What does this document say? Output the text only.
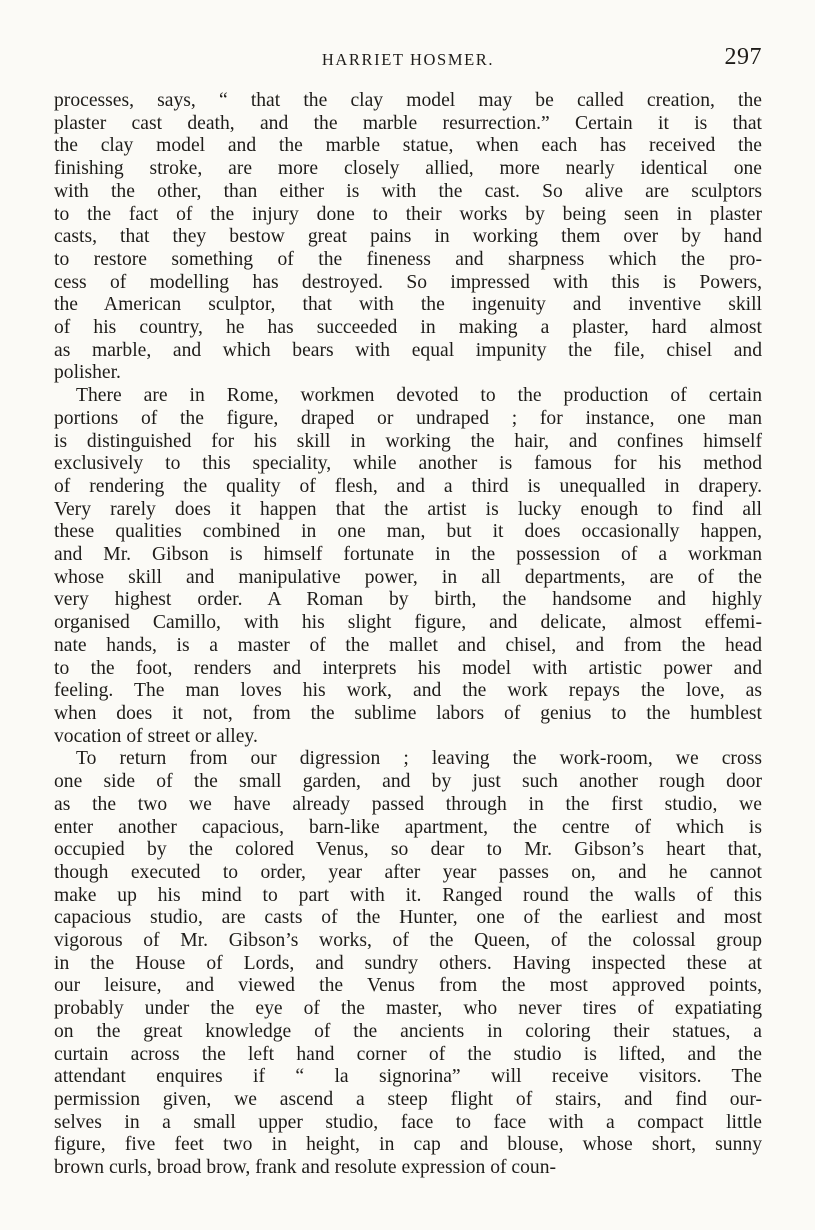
HARRIET HOSMER.	297

processes, says, “ that the clay model may be called creation, the
plaster cast death, and the marble resurrection.” Certain it is that
the clay model and the marble statue, when each has received the
finishing stroke, are more closely allied, more nearly identical one
with the other, than either is with the cast. So alive are sculptors
to the fact of the injury done to their works by being seen in plaster
casts, that they bestow great pains in working them over by hand
to restore something of the fineness and sharpness which the pro-
cess of modelling has destroyed. So impressed with this is Powers,
the American sculptor, that with the ingenuity and inventive skill
of his country, he has succeeded in making a plaster, hard almost
as marble, and which bears with equal impunity the file, chisel and
polisher.

There are in Rome, workmen devoted to the production of certain
portions of the figure, draped or undraped ; for instance, one man
is distinguished for his skill in working the hair, and confines himself
exclusively to this speciality, while another is famous for his method
of rendering the quality of flesh, and a third is unequalled in drapery.
Very rarely does it happen that the artist is lucky enough to find all
these qualities combined in one man, but it does occasionally happen,
and Mr. Gibson is himself fortunate in the possession of a workman
whose skill and manipulative power, in all departments, are of the
very highest order. A Roman by birth, the handsome and highly
organised Camillo, with his slight figure, and delicate, almost effemi-
nate hands, is a master of the mallet and chisel, and from the head
to the foot, renders and interprets his model with artistic power and
feeling. The man loves his work, and the work repays the love, as
when does it not, from the sublime labors of genius to the humblest
vocation of street or alley.

To return from our digression ; leaving the work-room, we cross
one side of the small garden, and by just such another rough door
as the two we have already passed through in the first studio, we
enter another capacious, barn-like apartment, the centre of which is
occupied by the colored Venus, so dear to Mr. Gibson’s heart that,
though executed to order, year after year passes on, and he cannot
make up his mind to part with it. Ranged round the walls of this
capacious studio, are casts of the Hunter, one of the earliest and most
vigorous of Mr. Gibson’s works, of the Queen, of the colossal group
in the House of Lords, and sundry others. Having inspected these at
our leisure, and viewed the Venus from the most approved points,
probably under the eye of the master, who never tires of expatiating
on the great knowledge of the ancients in coloring their statues, a
curtain across the left hand corner of the studio is lifted, and the
attendant enquires if “ la signorina” will receive visitors. The
permission given, we ascend a steep flight of stairs, and find our-
selves in a small upper studio, face to face with a compact little
figure, five feet two in height, in cap and blouse, whose short, sunny
brown curls, broad brow, frank and resolute expression of coun-
